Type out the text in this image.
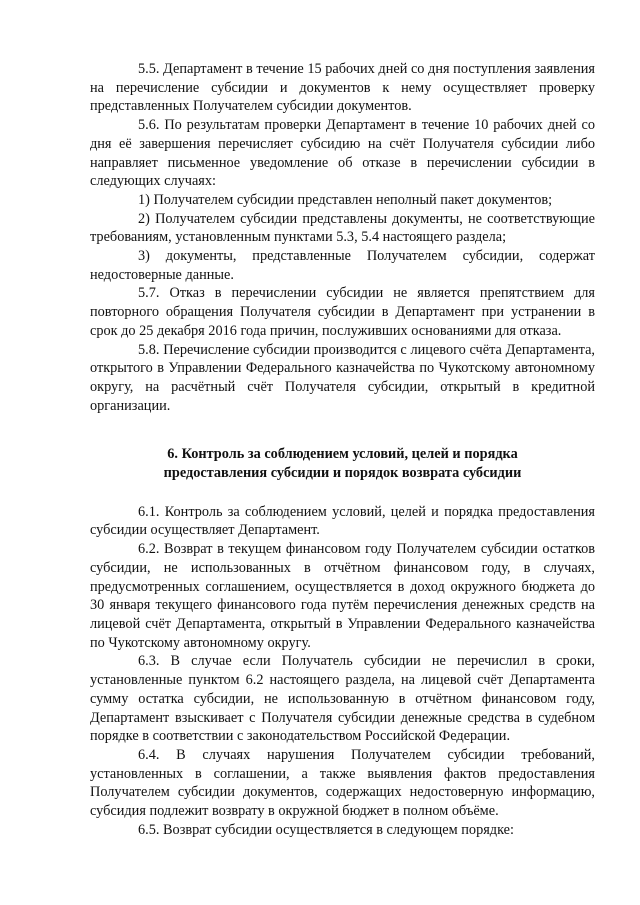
5.5. Департамент в течение 15 рабочих дней со дня поступления заявления на перечисление субсидии и документов к нему осуществляет проверку представленных Получателем субсидии документов.

5.6. По результатам проверки Департамент в течение 10 рабочих дней со дня её завершения перечисляет субсидию на счёт Получателя субсидии либо направляет письменное уведомление об отказе в перечислении субсидии в следующих случаях:

1) Получателем субсидии представлен неполный пакет документов;

2) Получателем субсидии представлены документы, не соответствующие требованиям, установленным пунктами 5.3, 5.4 настоящего раздела;

3) документы, представленные Получателем субсидии, содержат недостоверные данные.

5.7. Отказ в перечислении субсидии не является препятствием для повторного обращения Получателя субсидии в Департамент при устранении в срок до 25 декабря 2016 года причин, послуживших основаниями для отказа.

5.8. Перечисление субсидии производится с лицевого счёта Департамента, открытого в Управлении Федерального казначейства по Чукотскому автономному округу, на расчётный счёт Получателя субсидии, открытый в кредитной организации.

6. Контроль за соблюдением условий, целей и порядка
предоставления субсидии и порядок возврата субсидии

6.1. Контроль за соблюдением условий, целей и порядка предоставления субсидии осуществляет Департамент.

6.2. Возврат в текущем финансовом году Получателем субсидии остатков субсидии, не использованных в отчётном финансовом году, в случаях, предусмотренных соглашением, осуществляется в доход окружного бюджета до 30 января текущего финансового года путём перечисления денежных средств на лицевой счёт Департамента, открытый в Управлении Федерального казначейства по Чукотскому автономному округу.

6.3. В случае если Получатель субсидии не перечислил в сроки, установленные пунктом 6.2 настоящего раздела, на лицевой счёт Департамента сумму остатка субсидии, не использованную в отчётном финансовом году, Департамент взыскивает с Получателя субсидии денежные средства в судебном порядке в соответствии с законодательством Российской Федерации.

6.4. В случаях нарушения Получателем субсидии требований, установленных в соглашении, а также выявления фактов предоставления Получателем субсидии документов, содержащих недостоверную информацию, субсидия подлежит возврату в окружной бюджет в полном объёме.

6.5. Возврат субсидии осуществляется в следующем порядке:
